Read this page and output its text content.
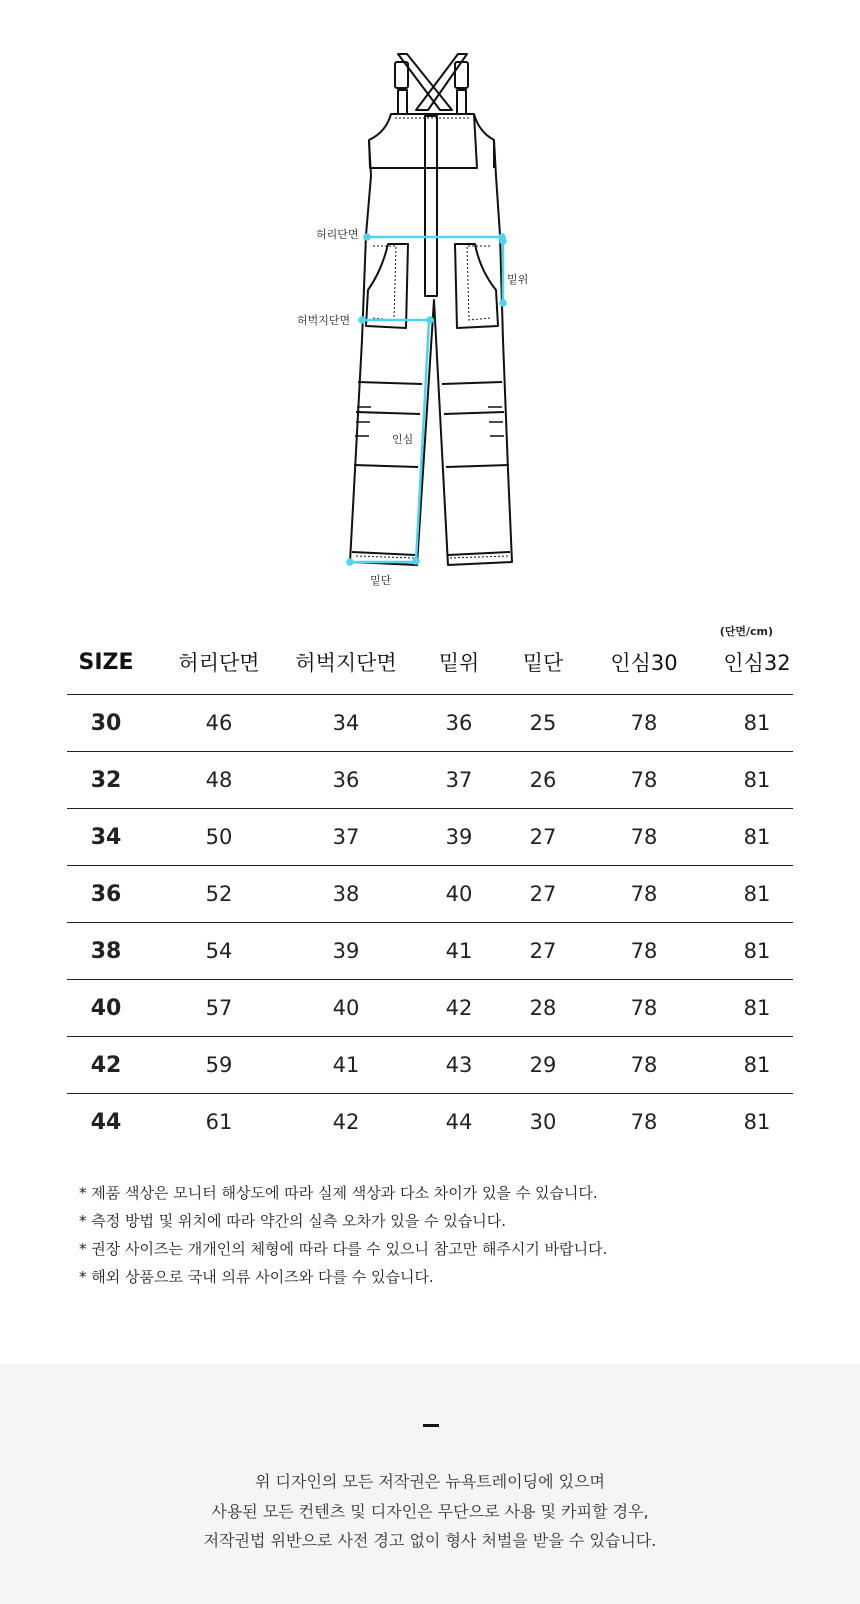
허리단면
밑위
허벅지단면
인심
밑단
(단면/cm)
SIZE	허리단면	허벅지단면	밑위	밑단	인심30	인심32
30	46	34	36	25	78	81
32	48	36	37	26	78	81
34	50	37	39	27	78	81
36	52	38	40	27	78	81
38	54	39	41	27	78	81
40	57	40	42	28	78	81
42	59	41	43	29	78	81
44	61	42	44	30	78	81
* 제품 색상은 모니터 해상도에 따라 실제 색상과 다소 차이가 있을 수 있습니다.
* 측정 방법 및 위치에 따라 약간의 실측 오차가 있을 수 있습니다.
* 권장 사이즈는 개개인의 체형에 따라 다를 수 있으니 참고만 해주시기 바랍니다.
* 해외 상품으로 국내 의류 사이즈와 다를 수 있습니다.
위 디자인의 모든 저작권은 뉴욕트레이딩에 있으며
사용된 모든 컨텐츠 및 디자인은 무단으로 사용 및 카피할 경우,
저작권법 위반으로 사전 경고 없이 형사 처벌을 받을 수 있습니다.
